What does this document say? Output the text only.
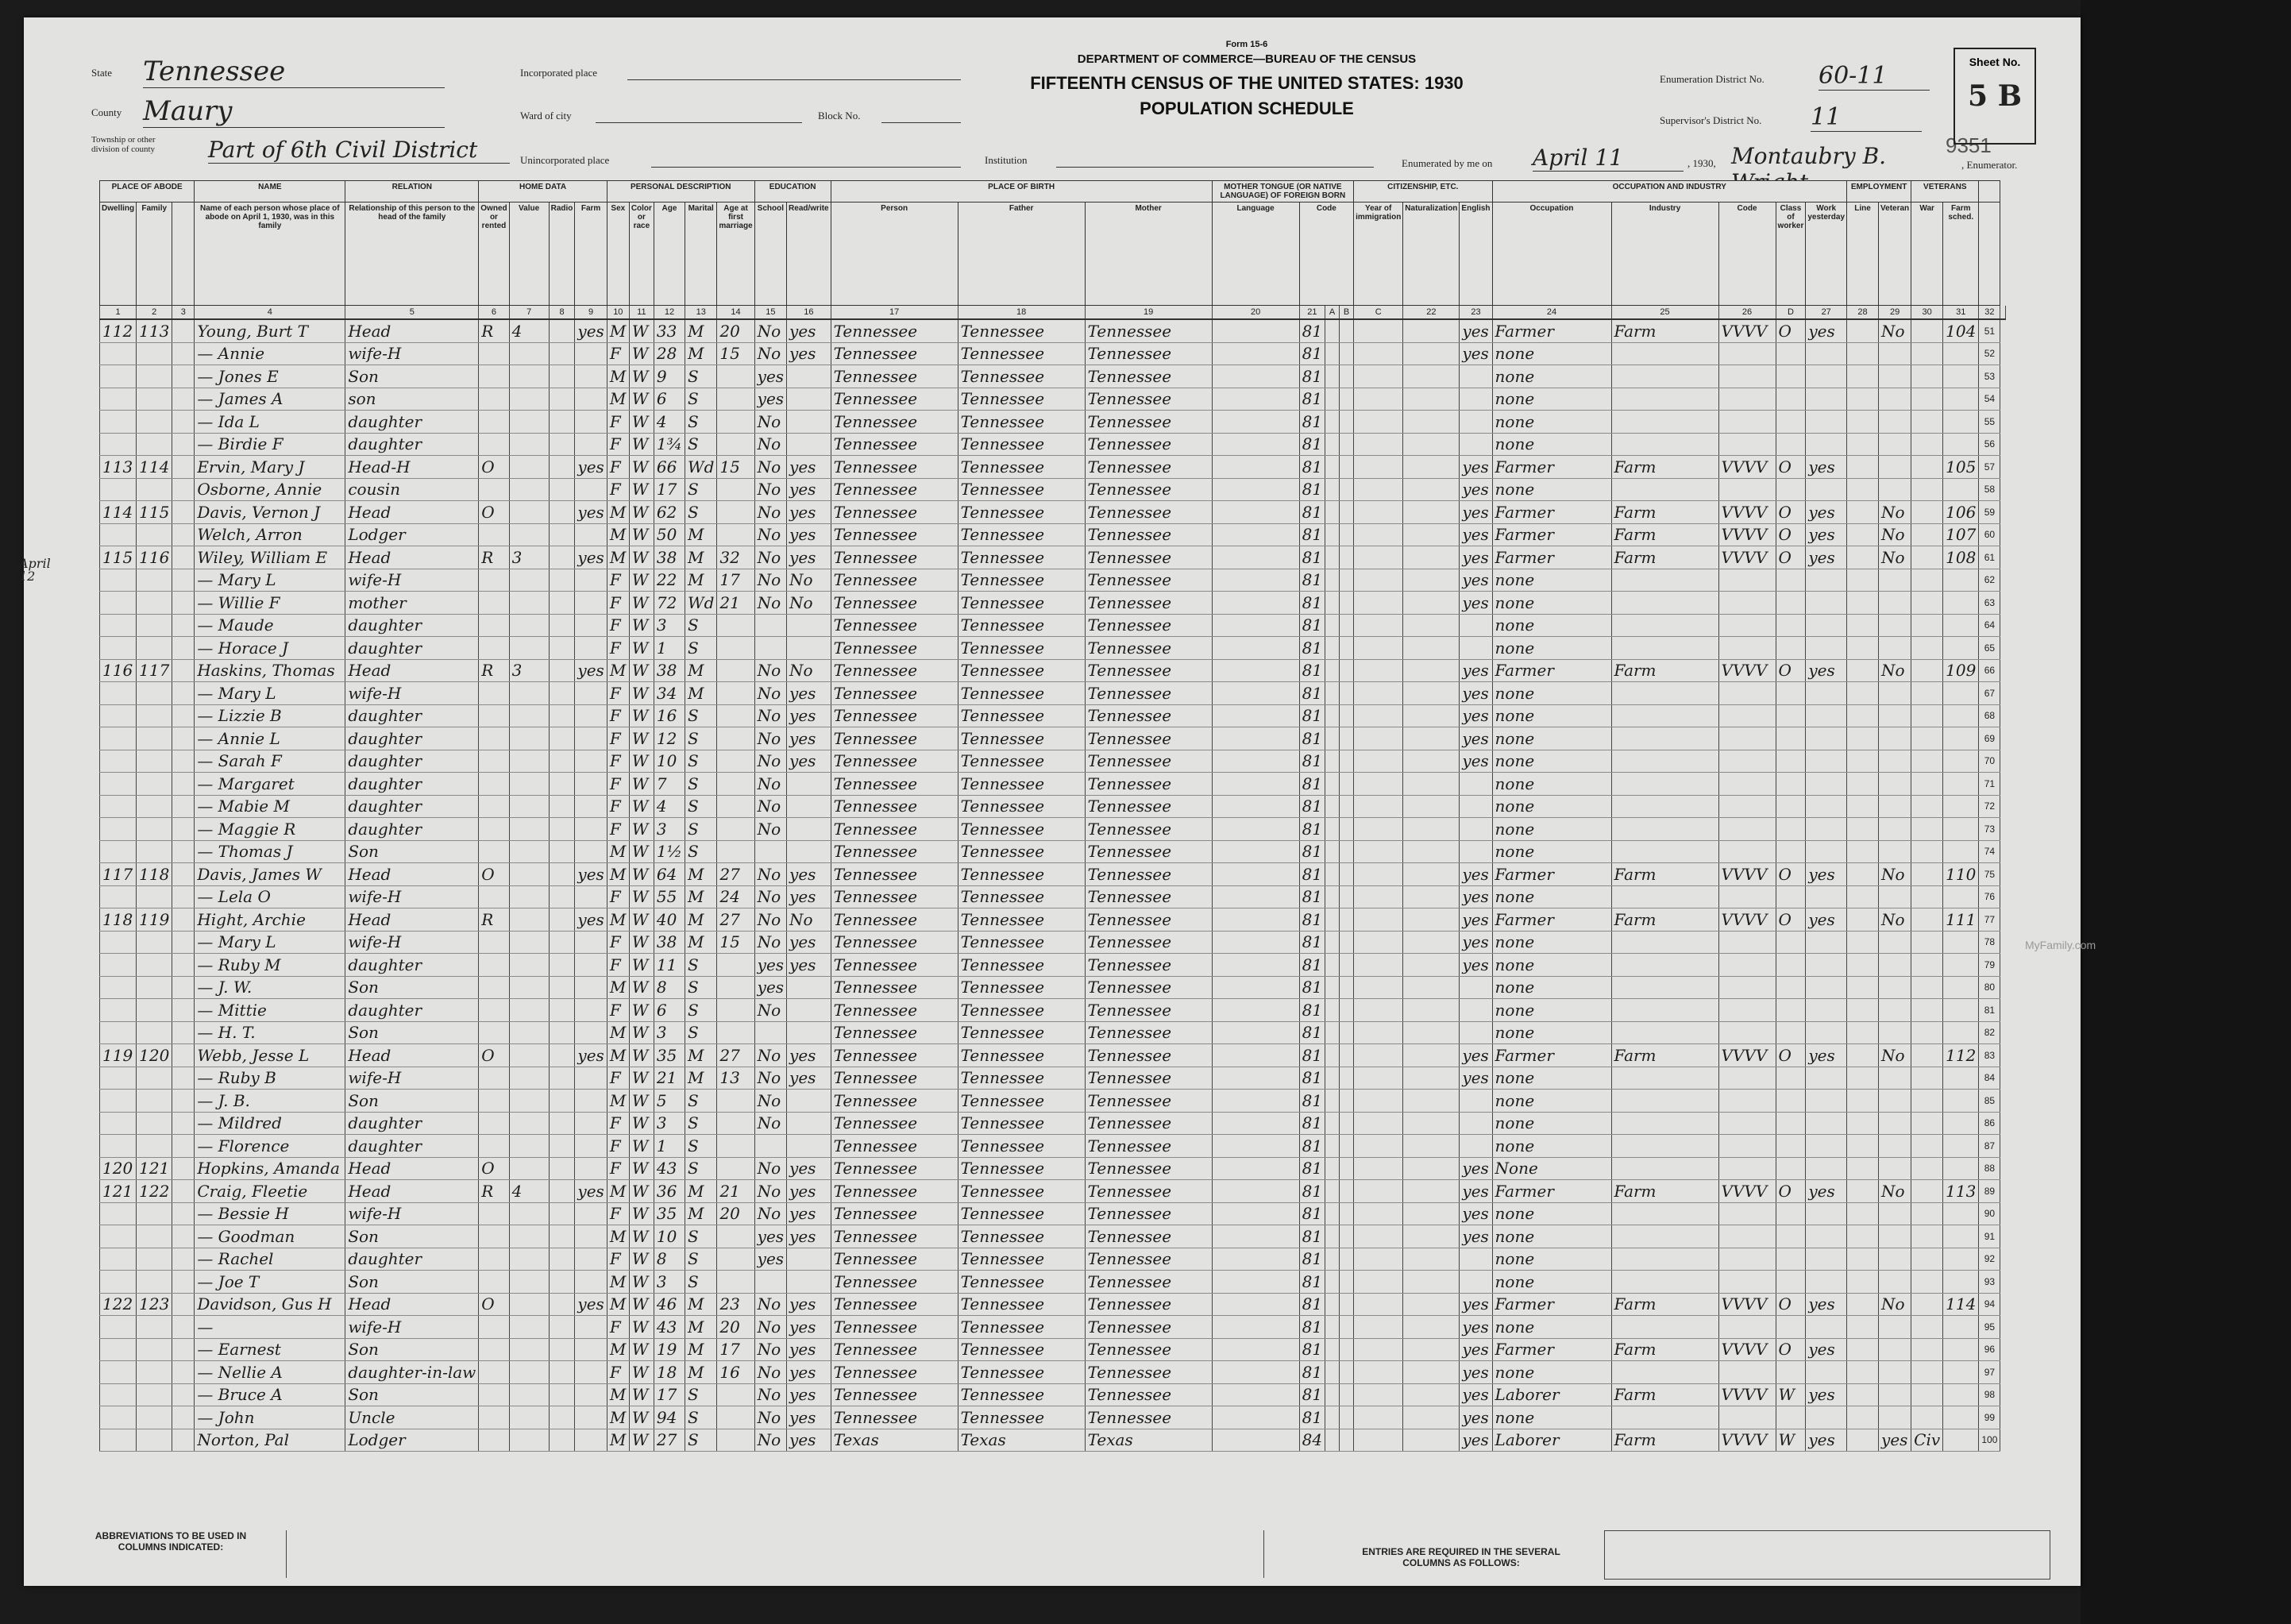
Form 15-6
DEPARTMENT OF COMMERCE—BUREAU OF THE CENSUS
FIFTEENTH CENSUS OF THE UNITED STATES: 1930
POPULATION SCHEDULE
State Tennessee
County Maury
Township or other division of county	Part of 6th Civil District
Incorporated place
Ward of city	Block No.
Unincorporated place	Institution
Enumeration District No. 60-11
Supervisor's District No. 11
Enumerated by me on April 11	, 1930, Montaubry B.	, Enumerator.
9351
Sheet No.
5 B
April 12
PLACE OF ABODE			NAME	RELATION	HOME DATA				PERSONAL DESCRIPTION					EDUCATION		PLACE OF BIRTH			MOTHER TONGUE (OR NATIVE LANGUAGE) OF FOREIGN BORN				CITIZENSHIP, ETC.			OCCUPATION AND INDUSTRY					EMPLOYMENT		VETERANS			
Dwelling	Family		Name of each person whose place of abode on April 1, 1930, was in this family	Relationship of this person to the head of the family	Owned or rented	Value	Radio	Farm	Sex	Color or race	Age	Marital	Age at first marriage	School	Read/write	Person	Father	Mother	Language	Code			Year of immigration	Naturalization	English	Occupation	Industry	Code	Class of worker	Work yesterday	Line	Veteran	War	Farm sched.		
1	2	3	4	5	6	7	8	9	10	11	12	13	14	15	16	17	18	19	20	21	A	B	C	22	23	24	25	26	D	27	28	29	30	31	32	
112	113		Young, Burt T	Head	R	4		yes	M	W	33	M	20	No	yes	Tennessee	Tennessee	Tennessee		81					yes	Farmer	Farm	VVVV	O	yes		No		104	51	
			— Annie	wife-H					F	W	28	M	15	No	yes	Tennessee	Tennessee	Tennessee		81					yes	none									52	
			— Jones E	Son					M	W	9	S		yes		Tennessee	Tennessee	Tennessee		81						none									53	
			— James A	son					M	W	6	S		yes		Tennessee	Tennessee	Tennessee		81						none									54	
			— Ida L	daughter					F	W	4	S		No		Tennessee	Tennessee	Tennessee		81						none									55	
			— Birdie F	daughter					F	W	1¾	S		No		Tennessee	Tennessee	Tennessee		81						none									56	
113	114		Ervin, Mary J	Head-H	O			yes	F	W	66	Wd	15	No	yes	Tennessee	Tennessee	Tennessee		81					yes	Farmer	Farm	VVVV	O	yes				105	57	
			Osborne, Annie	cousin					F	W	17	S		No	yes	Tennessee	Tennessee	Tennessee		81					yes	none									58	
114	115		Davis, Vernon J	Head	O			yes	M	W	62	S		No	yes	Tennessee	Tennessee	Tennessee		81					yes	Farmer	Farm	VVVV	O	yes		No		106	59	
			Welch, Arron	Lodger					M	W	50	M		No	yes	Tennessee	Tennessee	Tennessee		81					yes	Farmer	Farm	VVVV	O	yes		No		107	60	
115	116		Wiley, William E	Head	R	3		yes	M	W	38	M	32	No	yes	Tennessee	Tennessee	Tennessee		81					yes	Farmer	Farm	VVVV	O	yes		No		108	61	
			— Mary L	wife-H					F	W	22	M	17	No	No	Tennessee	Tennessee	Tennessee		81					yes	none									62	
			— Willie F	mother					F	W	72	Wd	21	No	No	Tennessee	Tennessee	Tennessee		81					yes	none									63	
			— Maude	daughter					F	W	3	S				Tennessee	Tennessee	Tennessee		81						none									64	
			— Horace J	daughter					F	W	1	S				Tennessee	Tennessee	Tennessee		81						none									65	
116	117		Haskins, Thomas	Head	R	3		yes	M	W	38	M		No	No	Tennessee	Tennessee	Tennessee		81					yes	Farmer	Farm	VVVV	O	yes		No		109	66	
			— Mary L	wife-H					F	W	34	M		No	yes	Tennessee	Tennessee	Tennessee		81					yes	none									67	
			— Lizzie B	daughter					F	W	16	S		No	yes	Tennessee	Tennessee	Tennessee		81					yes	none									68	
			— Annie L	daughter					F	W	12	S		No	yes	Tennessee	Tennessee	Tennessee		81					yes	none									69	
			— Sarah F	daughter					F	W	10	S		No	yes	Tennessee	Tennessee	Tennessee		81					yes	none									70	
			— Margaret	daughter					F	W	7	S		No		Tennessee	Tennessee	Tennessee		81						none									71	
			— Mabie M	daughter					F	W	4	S		No		Tennessee	Tennessee	Tennessee		81						none									72	
			— Maggie R	daughter					F	W	3	S		No		Tennessee	Tennessee	Tennessee		81						none									73	
			— Thomas J	Son					M	W	1½	S				Tennessee	Tennessee	Tennessee		81						none									74	
117	118		Davis, James W	Head	O			yes	M	W	64	M	27	No	yes	Tennessee	Tennessee	Tennessee		81					yes	Farmer	Farm	VVVV	O	yes		No		110	75	
			— Lela O	wife-H					F	W	55	M	24	No	yes	Tennessee	Tennessee	Tennessee		81					yes	none									76	
118	119		Hight, Archie	Head	R			yes	M	W	40	M	27	No	No	Tennessee	Tennessee	Tennessee		81					yes	Farmer	Farm	VVVV	O	yes		No		111	77	
			— Mary L	wife-H					F	W	38	M	15	No	yes	Tennessee	Tennessee	Tennessee		81					yes	none									78	
			— Ruby M	daughter					F	W	11	S		yes	yes	Tennessee	Tennessee	Tennessee		81					yes	none									79	
			— J. W.	Son					M	W	8	S		yes		Tennessee	Tennessee	Tennessee		81						none									80	
			— Mittie	daughter					F	W	6	S		No		Tennessee	Tennessee	Tennessee		81						none									81	
			— H. T.	Son					M	W	3	S				Tennessee	Tennessee	Tennessee		81						none									82	
119	120		Webb, Jesse L	Head	O			yes	M	W	35	M	27	No	yes	Tennessee	Tennessee	Tennessee		81					yes	Farmer	Farm	VVVV	O	yes		No		112	83	
			— Ruby B	wife-H					F	W	21	M	13	No	yes	Tennessee	Tennessee	Tennessee		81					yes	none									84	
			— J. B.	Son					M	W	5	S		No		Tennessee	Tennessee	Tennessee		81						none									85	
			— Mildred	daughter					F	W	3	S		No		Tennessee	Tennessee	Tennessee		81						none									86	
			— Florence	daughter					F	W	1	S				Tennessee	Tennessee	Tennessee		81						none									87	
120	121		Hopkins, Amanda	Head	O				F	W	43	S		No	yes	Tennessee	Tennessee	Tennessee		81					yes	None									88	
121	122		Craig, Fleetie	Head	R	4		yes	M	W	36	M	21	No	yes	Tennessee	Tennessee	Tennessee		81					yes	Farmer	Farm	VVVV	O	yes		No		113	89	
			— Bessie H	wife-H					F	W	35	M	20	No	yes	Tennessee	Tennessee	Tennessee		81					yes	none									90	
			— Goodman	Son					M	W	10	S		yes	yes	Tennessee	Tennessee	Tennessee		81					yes	none									91	
			— Rachel	daughter					F	W	8	S		yes		Tennessee	Tennessee	Tennessee		81						none									92	
			— Joe T	Son					M	W	3	S				Tennessee	Tennessee	Tennessee		81						none									93	
122	123		Davidson, Gus H	Head	O			yes	M	W	46	M	23	No	yes	Tennessee	Tennessee	Tennessee		81					yes	Farmer	Farm	VVVV	O	yes		No		114	94	
			—	wife-H					F	W	43	M	20	No	yes	Tennessee	Tennessee	Tennessee		81					yes	none									95	
			— Earnest	Son					M	W	19	M	17	No	yes	Tennessee	Tennessee	Tennessee		81					yes	Farmer	Farm	VVVV	O	yes					96	
			— Nellie A	daughter-in-law					F	W	18	M	16	No	yes	Tennessee	Tennessee	Tennessee		81					yes	none									97	
			— Bruce A	Son					M	W	17	S		No	yes	Tennessee	Tennessee	Tennessee		81					yes	Laborer	Farm	VVVV	W	yes					98	
			— John	Uncle					M	W	94	S		No	yes	Tennessee	Tennessee	Tennessee		81					yes	none									99	
			Norton, Pal	Lodger					M	W	27	S		No	yes	Texas	Texas	Texas		84					yes	Laborer	Farm	VVVV	W	yes		yes	Civ		100	
MyFamily.com
ABBREVIATIONS TO BE USED IN COLUMNS INDICATED:	ENTRIES ARE REQUIRED IN THE SEVERAL COLUMNS AS FOLLOWS:
